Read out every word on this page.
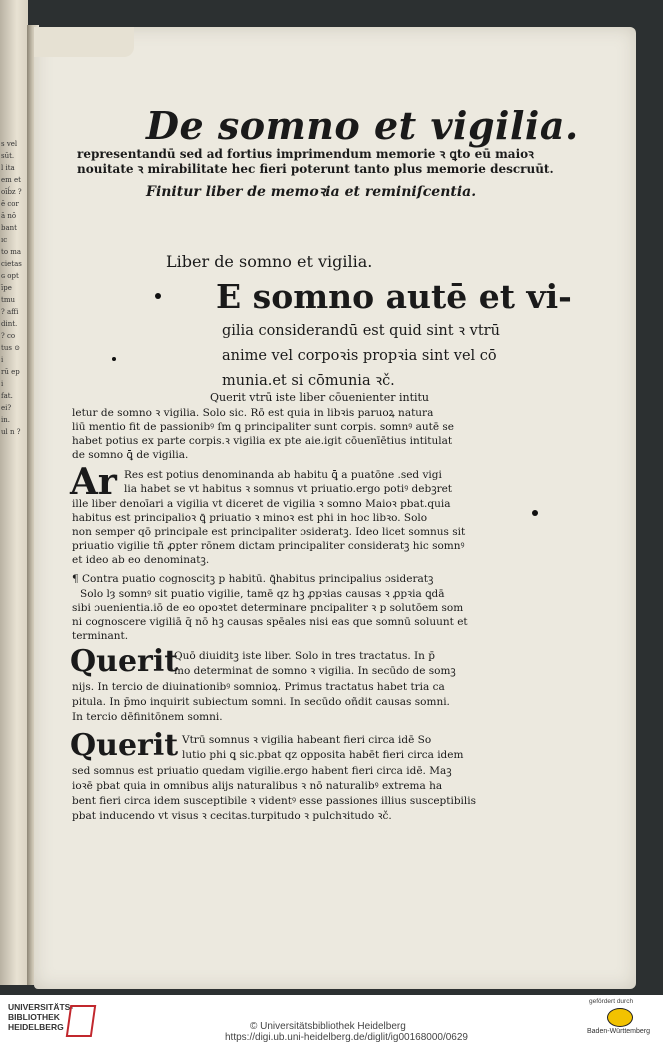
s vel
sūt.
l ita
em et
oīb́z ?
ē cor
ā nō
bant
ıc
to ma
cietas
ɢ opt
īpe
tmu
? affi
dint.
? co
tus ⊙
i
rū ep
i
fat.
ei?
in.
ul n ?
De somno et vigilia.
representandū sed ad fortius imprimendum memorie ꝛ ꝗto eū maioꝛ
nouitate ꝛ mirabilitate hec fieri poterunt tanto plus memorie descruūt.
Finitur liber de memoꝛia et reminiſcentia.
Liber de somno et vigilia.
E somno autē et vi-
gilia considerandū est quid sint ꝛ vtrū
anime vel corpoꝛis propꝛia sint vel cō
munia.et si cōmunia ꝛč.
Querit vtrū iste liber cōuenienter intitu
letur de somno ꝛ vigilia. Solo sic. Rō est quia in libꝛis paruoꝝ natura
liū mentio fit de passionibꝰ ſm ꝗ principaliter sunt corpis. somnꝰ autē se
habet potius ex parte corpis.ꝛ vigilia ex pte aie.igit cōuenīētius intitulat
de somno ꝗ̄ de vigilia.
Ar Res est potius denominanda ab habitu ꝗ̄ a puatōne .sed vigi
lia habet se vt habitus ꝛ somnus vt priuatio.ergo potiꝰ debꝫret
ille liber denoīari a vigilia vt diceret de vigilia ꝛ somno Maioꝛ pbat.quia
habitus est principalioꝛ ꝗ̄ priuatio ꝛ minoꝛ est phi in hoc libꝛo. Solo
non semper qō principale est principaliter ɔsideratꝫ. Ideo licet somnus sit
priuatio vigilie tñ ꝓpter rōnem dictam principaliter consideratꝫ hic somnꝰ
et ideo ab eo denominatꝫ.
¶ Contra puatio cognoscitꝫ p habitū. ꝗ̄habitus principalius ɔsideratꝫ
Solo lȝ somnꝰ sit puatio vigilie, tamē qz hꝫ ꝓpꝛias causas ꝛ ꝓpꝛia ꝗdā
sibi ɔuenientia.iō de eo opoꝛtet determinare pncipaliter ꝛ p solutōem som
ni cognoscere vigiliā q̄ nō hꝫ causas spēales nisi eas que somnū soluunt et
terminant.
Querit
Quō diuiditꝫ iste liber. Solo in tres tractatus. In p̄
mo determinat de somno ꝛ vigilia. In secūdo de somꝫ
nijs. In tercio de diuinationibꝰ somnioꝝ. Primus tractatus habet tria ca
pitula. In p̄mo inquirit subiectum somni. In secūdo oñdit causas somni.
In tercio dēfinitōnem somni.
Querit Vtrū somnus ꝛ vigilia habeant fieri circa idē So
lutio phi ꝗ sic.pbat qz opposita habēt fieri circa idem
sed somnus est priuatio quedam vigilie.ergo habent fieri circa idē. Maꝫ
ioꝛē pbat quia in omnibus alijs naturalibus ꝛ nō naturalibꝰ extrema ha
bent fieri circa idem susceptibile ꝛ videntꝰ esse passiones illius susceptibilis
pbat inducendo vt visus ꝛ cecitas.turpitudo ꝛ pulchꝛitudo ꝛč.
UNIVERSITÄTS-
BIBLIOTHEK
HEIDELBERG	© Universitätsbibliothek Heidelberg
https://digi.ub.uni-heidelberg.de/diglit/ig00168000/0629
gefördert durch
Baden-Württemberg
